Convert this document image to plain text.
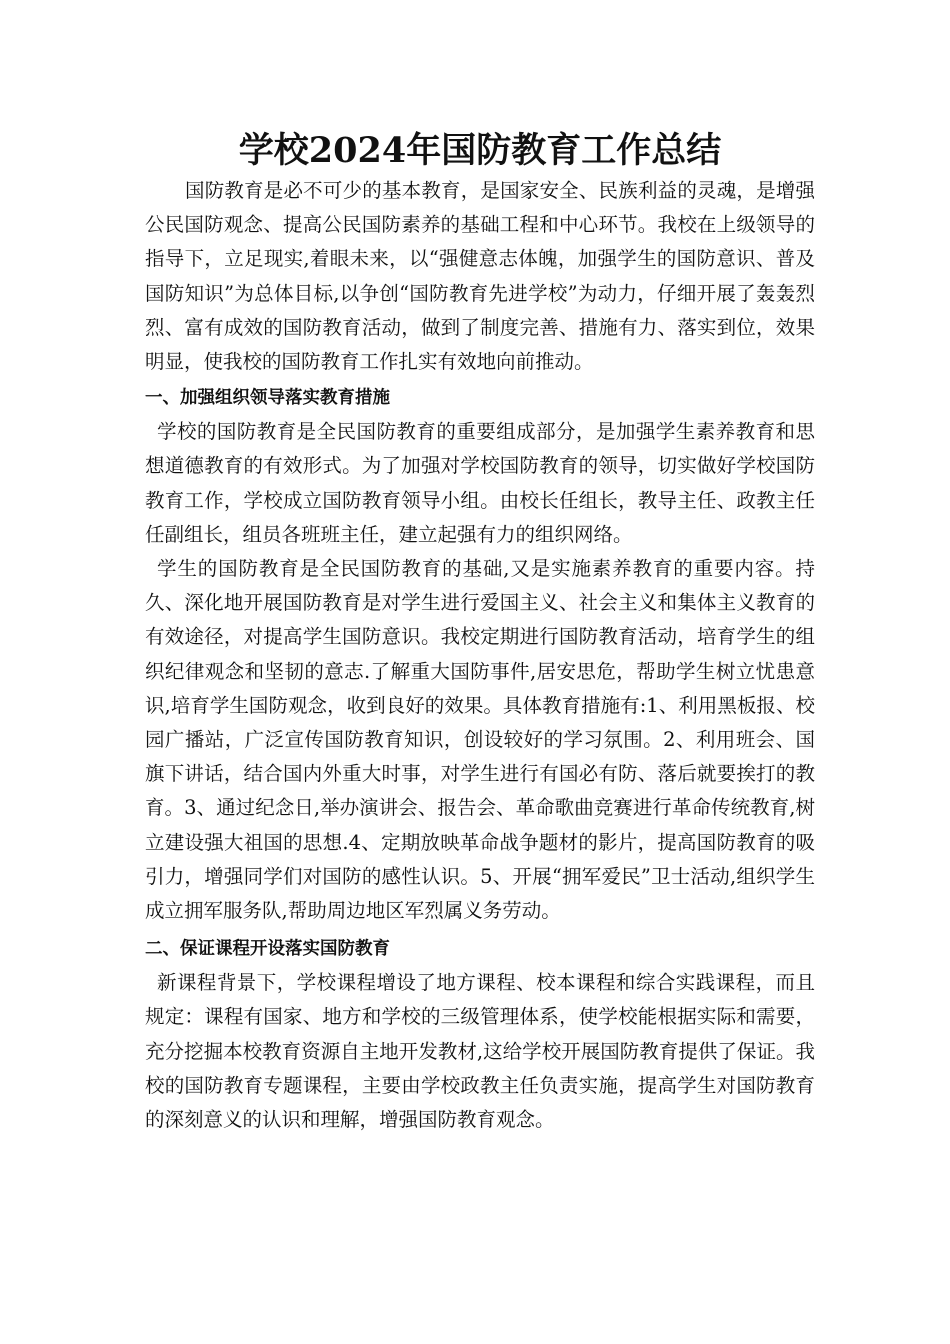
学校2024年国防教育工作总结

国防教育是必不可少的基本教育，是国家安全、民族利益的灵魂，是增强公民国防观念、提高公民国防素养的基础工程和中心环节。我校在上级领导的指导下，立足现实,着眼未来，以“强健意志体魄，加强学生的国防意识、普及国防知识”为总体目标,以争创“国防教育先进学校”为动力，仔细开展了轰轰烈烈、富有成效的国防教育活动，做到了制度完善、措施有力、落实到位，效果明显，使我校的国防教育工作扎实有效地向前推动。

一、加强组织领导落实教育措施

学校的国防教育是全民国防教育的重要组成部分，是加强学生素养教育和思想道德教育的有效形式。为了加强对学校国防教育的领导，切实做好学校国防教育工作，学校成立国防教育领导小组。由校长任组长，教导主任、政教主任任副组长，组员各班班主任，建立起强有力的组织网络。

学生的国防教育是全民国防教育的基础,又是实施素养教育的重要内容。持久、深化地开展国防教育是对学生进行爱国主义、社会主义和集体主义教育的有效途径，对提高学生国防意识。我校定期进行国防教育活动，培育学生的组织纪律观念和坚韧的意志.了解重大国防事件,居安思危，帮助学生树立忧患意识,培育学生国防观念，收到良好的效果。具体教育措施有:1、利用黑板报、校园广播站，广泛宣传国防教育知识，创设较好的学习氛围。2、利用班会、国旗下讲话，结合国内外重大时事，对学生进行有国必有防、落后就要挨打的教育。3、通过纪念日,举办演讲会、报告会、革命歌曲竞赛进行革命传统教育,树立建设强大祖国的思想.4、定期放映革命战争题材的影片，提高国防教育的吸引力，增强同学们对国防的感性认识。5、开展“拥军爱民”卫士活动,组织学生成立拥军服务队,帮助周边地区军烈属义务劳动。

二、保证课程开设落实国防教育

新课程背景下，学校课程增设了地方课程、校本课程和综合实践课程，而且规定：课程有国家、地方和学校的三级管理体系，使学校能根据实际和需要，充分挖掘本校教育资源自主地开发教材,这给学校开展国防教育提供了保证。我校的国防教育专题课程，主要由学校政教主任负责实施，提高学生对国防教育的深刻意义的认识和理解，增强国防教育观念。
